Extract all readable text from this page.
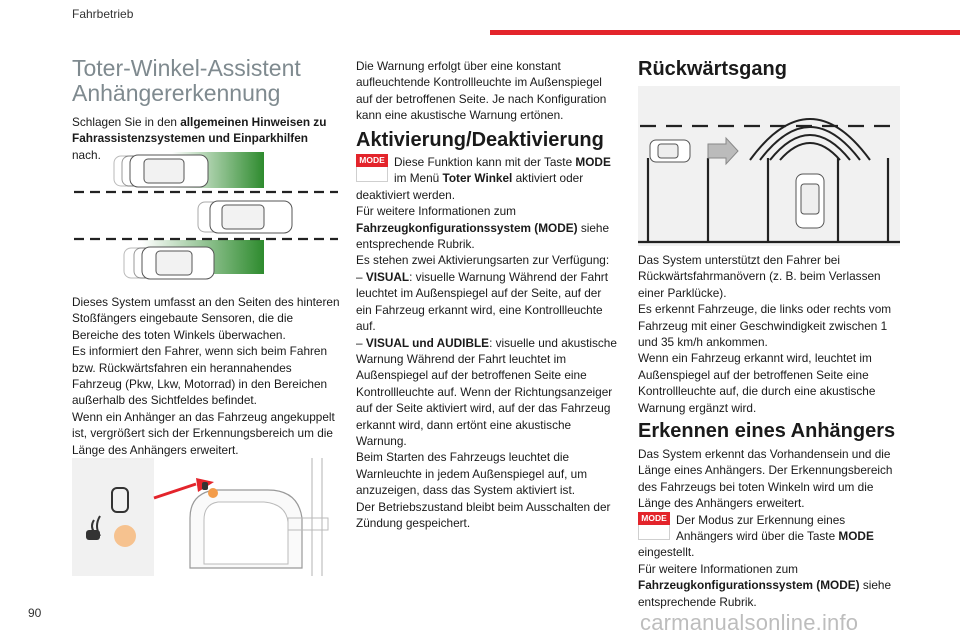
Fahrbetrieb
Toter-Winkel-Assistent
Anhängererkennung

Schlagen Sie in den allgemeinen Hinweisen zu Fahrassistenzsystemen und Einparkhilfen nach.

Dieses System umfasst an den Seiten des hinteren Stoßfängers eingebaute Sensoren, die die Bereiche des toten Winkels überwachen.
Es informiert den Fahrer, wenn sich beim Fahren bzw. Rückwärtsfahren ein herannahendes Fahrzeug (Pkw, Lkw, Motorrad) in den Bereichen außerhalb des Sichtfeldes befindet.
Wenn ein Anhänger an das Fahrzeug angekuppelt ist, vergrößert sich der Erkennungsbereich um die Länge des Anhängers erweitert.

Die Warnung erfolgt über eine konstant aufleuchtende Kontrollleuchte im Außenspiegel auf der betroffenen Seite. Je nach Konfiguration kann eine akustische Warnung ertönen.

Aktivierung/Deaktivierung
MODE Diese Funktion kann mit der Taste MODE im Menü Toter Winkel aktiviert oder deaktiviert werden.
Für weitere Informationen zum Fahrzeugkonfigurationssystem (MODE) siehe entsprechende Rubrik.
Es stehen zwei Aktivierungsarten zur Verfügung:
– VISUAL: visuelle Warnung Während der Fahrt leuchtet im Außenspiegel auf der Seite, auf der ein Fahrzeug erkannt wird, eine Kontrollleuchte auf.
– VISUAL und AUDIBLE: visuelle und akustische Warnung Während der Fahrt leuchtet im Außenspiegel auf der betroffenen Seite eine Kontrollleuchte auf. Wenn der Richtungsanzeiger auf der Seite aktiviert wird, auf der das Fahrzeug erkannt wird, dann ertönt eine akustische Warnung.
Beim Starten des Fahrzeugs leuchtet die Warnleuchte in jedem Außenspiegel auf, um anzuzeigen, dass das System aktiviert ist.
Der Betriebszustand bleibt beim Ausschalten der Zündung gespeichert.
Rückwärtsgang
Das System unterstützt den Fahrer bei Rückwärtsfahrmanövern (z. B. beim Verlassen einer Parklücke).
Es erkennt Fahrzeuge, die links oder rechts vom Fahrzeug mit einer Geschwindigkeit zwischen 1 und 35 km/h ankommen.
Wenn ein Fahrzeug erkannt wird, leuchtet im Außenspiegel auf der betroffenen Seite eine Kontrollleuchte auf, die durch eine akustische Warnung ergänzt wird.
Erkennen eines Anhängers
Das System erkennt das Vorhandensein und die Länge eines Anhängers. Der Erkennungsbereich des Fahrzeugs bei toten Winkeln wird um die Länge des Anhängers erweitert.
MODE Der Modus zur Erkennung eines Anhängers wird über die Taste MODE eingestellt.
Für weitere Informationen zum Fahrzeugkonfigurationssystem (MODE) siehe entsprechende Rubrik.
90	carmanualsonline.info
